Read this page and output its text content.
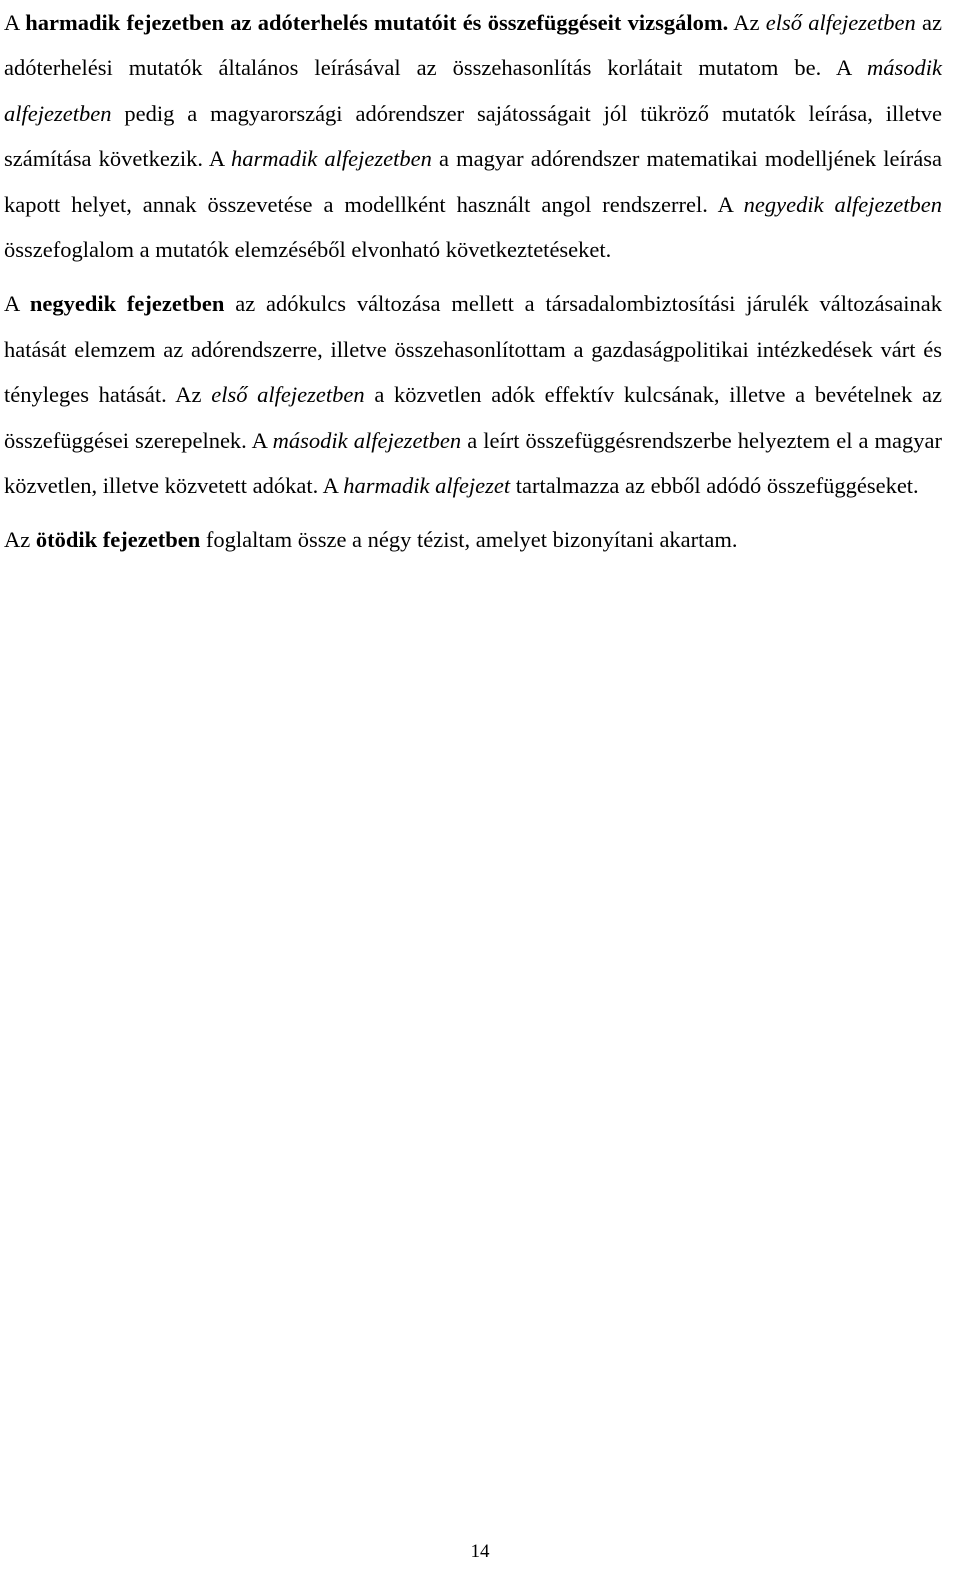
A harmadik fejezetben az adóterhelés mutatóit és összefüggéseit vizsgálom. Az első alfejezetben az adóterhelési mutatók általános leírásával az összehasonlítás korlátait mutatom be. A második alfejezetben pedig a magyarországi adórendszer sajátosságait jól tükröző mutatók leírása, illetve számítása következik. A harmadik alfejezetben a magyar adórendszer matematikai modelljének leírása kapott helyet, annak összevetése a modellként használt angol rendszerrel. A negyedik alfejezetben összefoglalom a mutatók elemzéséből elvonható következtetéseket.

A negyedik fejezetben az adókulcs változása mellett a társadalombiztosítási járulék változásainak hatását elemzem az adórendszerre, illetve összehasonlítottam a gazdaságpolitikai intézkedések várt és tényleges hatását. Az első alfejezetben a közvetlen adók effektív kulcsának, illetve a bevételnek az összefüggései szerepelnek. A második alfejezetben a leírt összefüggésrendszerbe helyeztem el a magyar közvetlen, illetve közvetett adókat. A harmadik alfejezet tartalmazza az ebből adódó összefüggéseket.

Az ötödik fejezetben foglaltam össze a négy tézist, amelyet bizonyítani akartam.

14
